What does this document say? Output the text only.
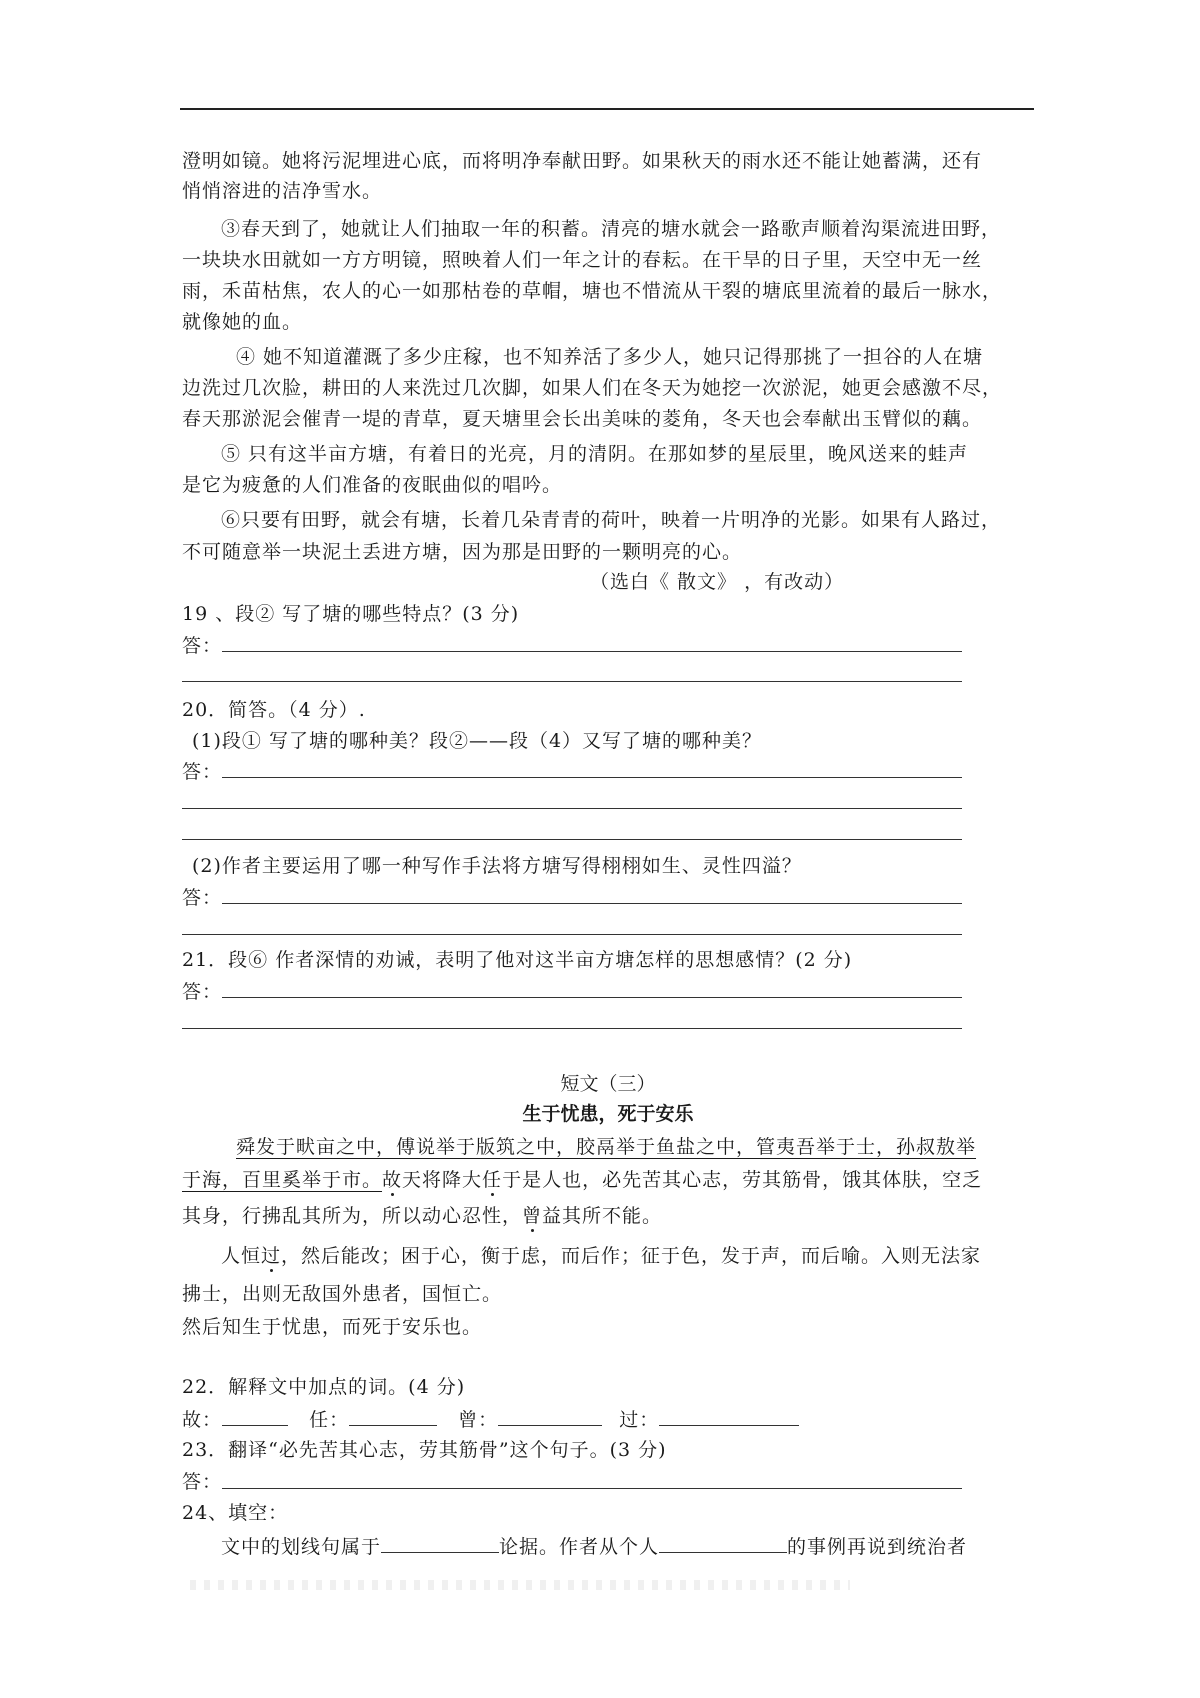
澄明如镜。她将污泥埋进心底，而将明净奉献田野。如果秋天的雨水还不能让她蓄满，还有
悄悄溶进的洁净雪水。
③春天到了，她就让人们抽取一年的积蓄。清亮的塘水就会一路歌声顺着沟渠流进田野，
一块块水田就如一方方明镜，照映着人们一年之计的春耘。在干旱的日子里，天空中无一丝
雨，禾苗枯焦，农人的心一如那枯卷的草帽，塘也不惜流从干裂的塘底里流着的最后一脉水，
就像她的血。
④ 她不知道灌溉了多少庄稼，也不知养活了多少人，她只记得那挑了一担谷的人在塘
边洗过几次脸，耕田的人来洗过几次脚，如果人们在冬天为她挖一次淤泥，她更会感激不尽，
春天那淤泥会催青一堤的青草，夏天塘里会长出美味的菱角，冬天也会奉献出玉臂似的藕。
⑤ 只有这半亩方塘，有着日的光亮，月的清阴。在那如梦的星辰里，晚风送来的蛙声
是它为疲惫的人们准备的夜眠曲似的唱吟。
⑥只要有田野，就会有塘，长着几朵青青的荷叶，映着一片明净的光影。如果有人路过，
不可随意举一块泥土丢进方塘，因为那是田野的一颗明亮的心。
（选白《 散文》 ，有改动）
19 、段② 写了塘的哪些特点？(3 分)
答：
20．简答。（4 分）.
(1)段① 写了塘的哪种美？段②——段（4）又写了塘的哪种美？
答：
(2)作者主要运用了哪一种写作手法将方塘写得栩栩如生、灵性四溢？
答：
21．段⑥ 作者深情的劝诫，表明了他对这半亩方塘怎样的思想感情？(2 分)
答：
短文（三）
生于忧患，死于安乐
舜发于畎亩之中，傅说举于版筑之中，胶鬲举于鱼盐之中，管夷吾举于士，孙叔敖举
于海，百里奚举于市。故天将降大任于是人也，必先苦其心志，劳其筋骨，饿其体肤，空乏
其身，行拂乱其所为，所以动心忍性，曾益其所不能。
人恒过，然后能改；困于心，衡于虑，而后作；征于色，发于声，而后喻。入则无法家
拂士，出则无敌国外患者，国恒亡。
然后知生于忧患，而死于安乐也。
22．解释文中加点的词。(4 分)
故：	任：	曾：	过：
23．翻译“必先苦其心志，劳其筋骨”这个句子。(3 分)
答：
24、填空：
文中的划线句属于	论据。作者从个人	的事例再说到统治者
